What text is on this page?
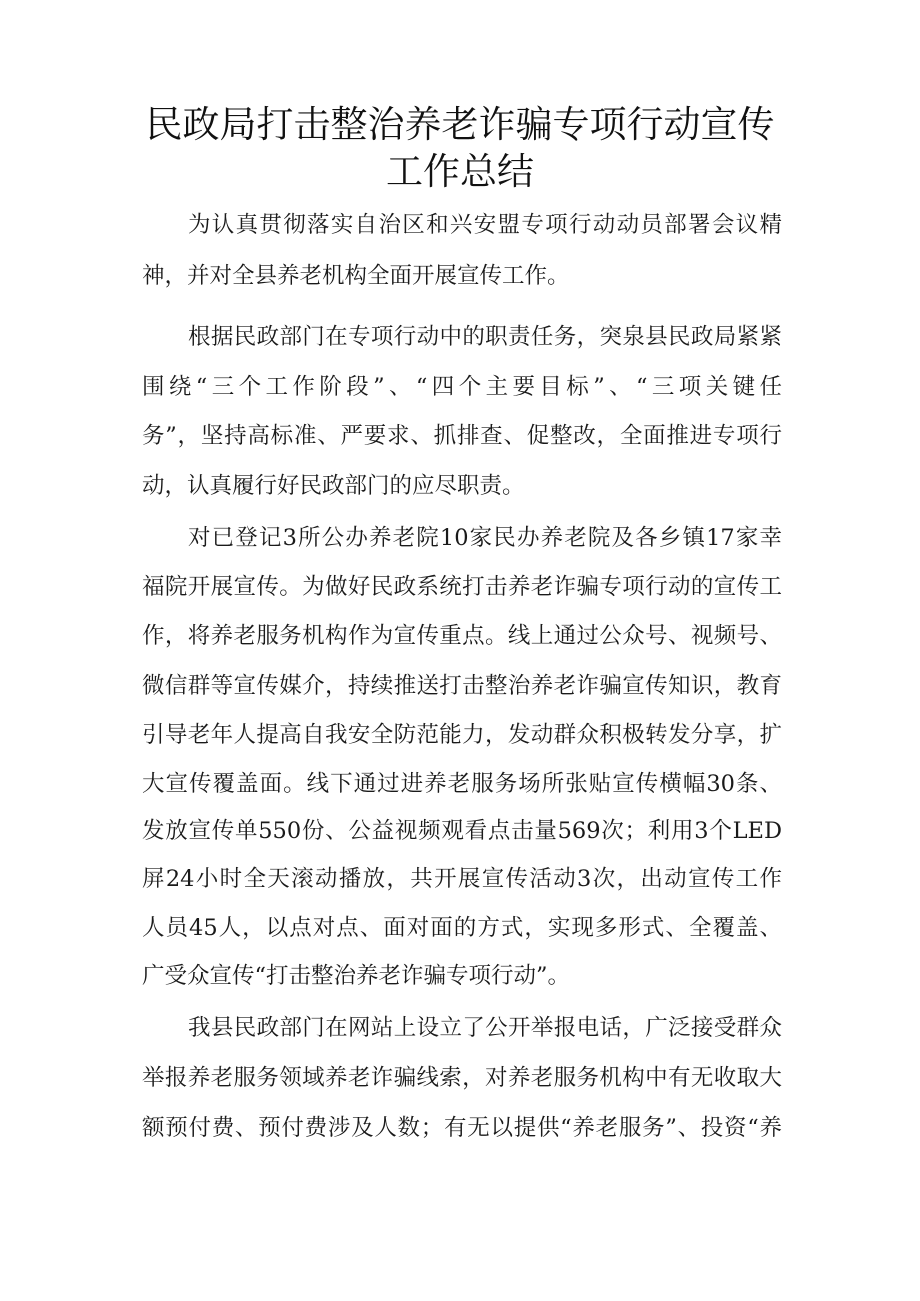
民政局打击整治养老诈骗专项行动宣传
工作总结
为认真贯彻落实自治区和兴安盟专项行动动员部署会议精
神，并对全县养老机构全面开展宣传工作。
根据民政部门在专项行动中的职责任务，突泉县民政局紧紧
围绕“三个工作阶段”、“四个主要目标”、“三项关键任
务”，坚持高标准、严要求、抓排查、促整改，全面推进专项行
动，认真履行好民政部门的应尽职责。
对已登记3所公办养老院10家民办养老院及各乡镇17家幸
福院开展宣传。为做好民政系统打击养老诈骗专项行动的宣传工
作，将养老服务机构作为宣传重点。线上通过公众号、视频号、
微信群等宣传媒介，持续推送打击整治养老诈骗宣传知识，教育
引导老年人提高自我安全防范能力，发动群众积极转发分享，扩
大宣传覆盖面。线下通过进养老服务场所张贴宣传横幅30条、
发放宣传单550份、公益视频观看点击量569次；利用3个LED
屏24小时全天滚动播放，共开展宣传活动3次，出动宣传工作
人员45人，以点对点、面对面的方式，实现多形式、全覆盖、
广受众宣传“打击整治养老诈骗专项行动”。
我县民政部门在网站上设立了公开举报电话，广泛接受群众
举报养老服务领域养老诈骗线索，对养老服务机构中有无收取大
额预付费、预付费涉及人数；有无以提供“养老服务”、投资“养
